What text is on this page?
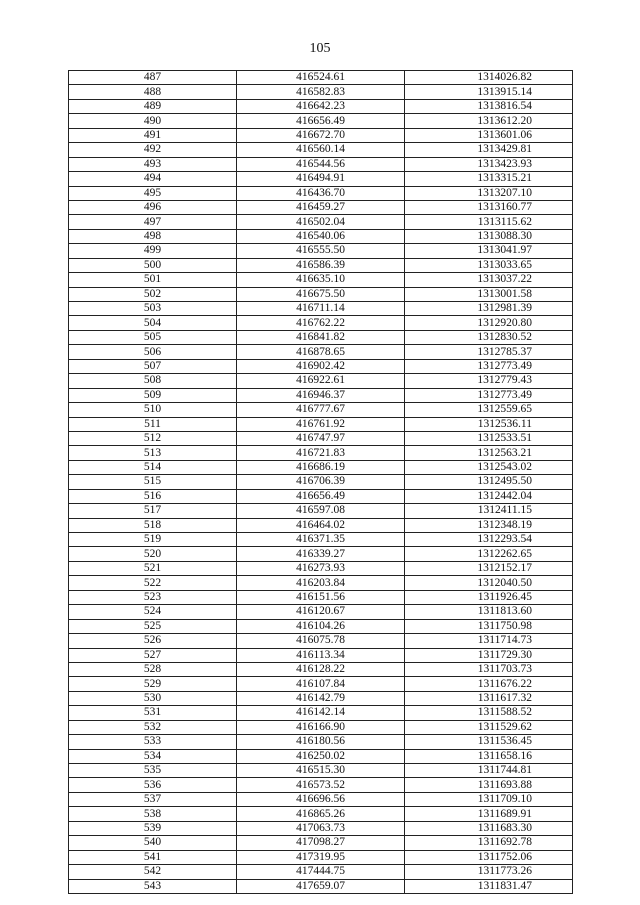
105
487	416524.61	1314026.82
488	416582.83	1313915.14
489	416642.23	1313816.54
490	416656.49	1313612.20
491	416672.70	1313601.06
492	416560.14	1313429.81
493	416544.56	1313423.93
494	416494.91	1313315.21
495	416436.70	1313207.10
496	416459.27	1313160.77
497	416502.04	1313115.62
498	416540.06	1313088.30
499	416555.50	1313041.97
500	416586.39	1313033.65
501	416635.10	1313037.22
502	416675.50	1313001.58
503	416711.14	1312981.39
504	416762.22	1312920.80
505	416841.82	1312830.52
506	416878.65	1312785.37
507	416902.42	1312773.49
508	416922.61	1312779.43
509	416946.37	1312773.49
510	416777.67	1312559.65
511	416761.92	1312536.11
512	416747.97	1312533.51
513	416721.83	1312563.21
514	416686.19	1312543.02
515	416706.39	1312495.50
516	416656.49	1312442.04
517	416597.08	1312411.15
518	416464.02	1312348.19
519	416371.35	1312293.54
520	416339.27	1312262.65
521	416273.93	1312152.17
522	416203.84	1312040.50
523	416151.56	1311926.45
524	416120.67	1311813.60
525	416104.26	1311750.98
526	416075.78	1311714.73
527	416113.34	1311729.30
528	416128.22	1311703.73
529	416107.84	1311676.22
530	416142.79	1311617.32
531	416142.14	1311588.52
532	416166.90	1311529.62
533	416180.56	1311536.45
534	416250.02	1311658.16
535	416515.30	1311744.81
536	416573.52	1311693.88
537	416696.56	1311709.10
538	416865.26	1311689.91
539	417063.73	1311683.30
540	417098.27	1311692.78
541	417319.95	1311752.06
542	417444.75	1311773.26
543	417659.07	1311831.47
